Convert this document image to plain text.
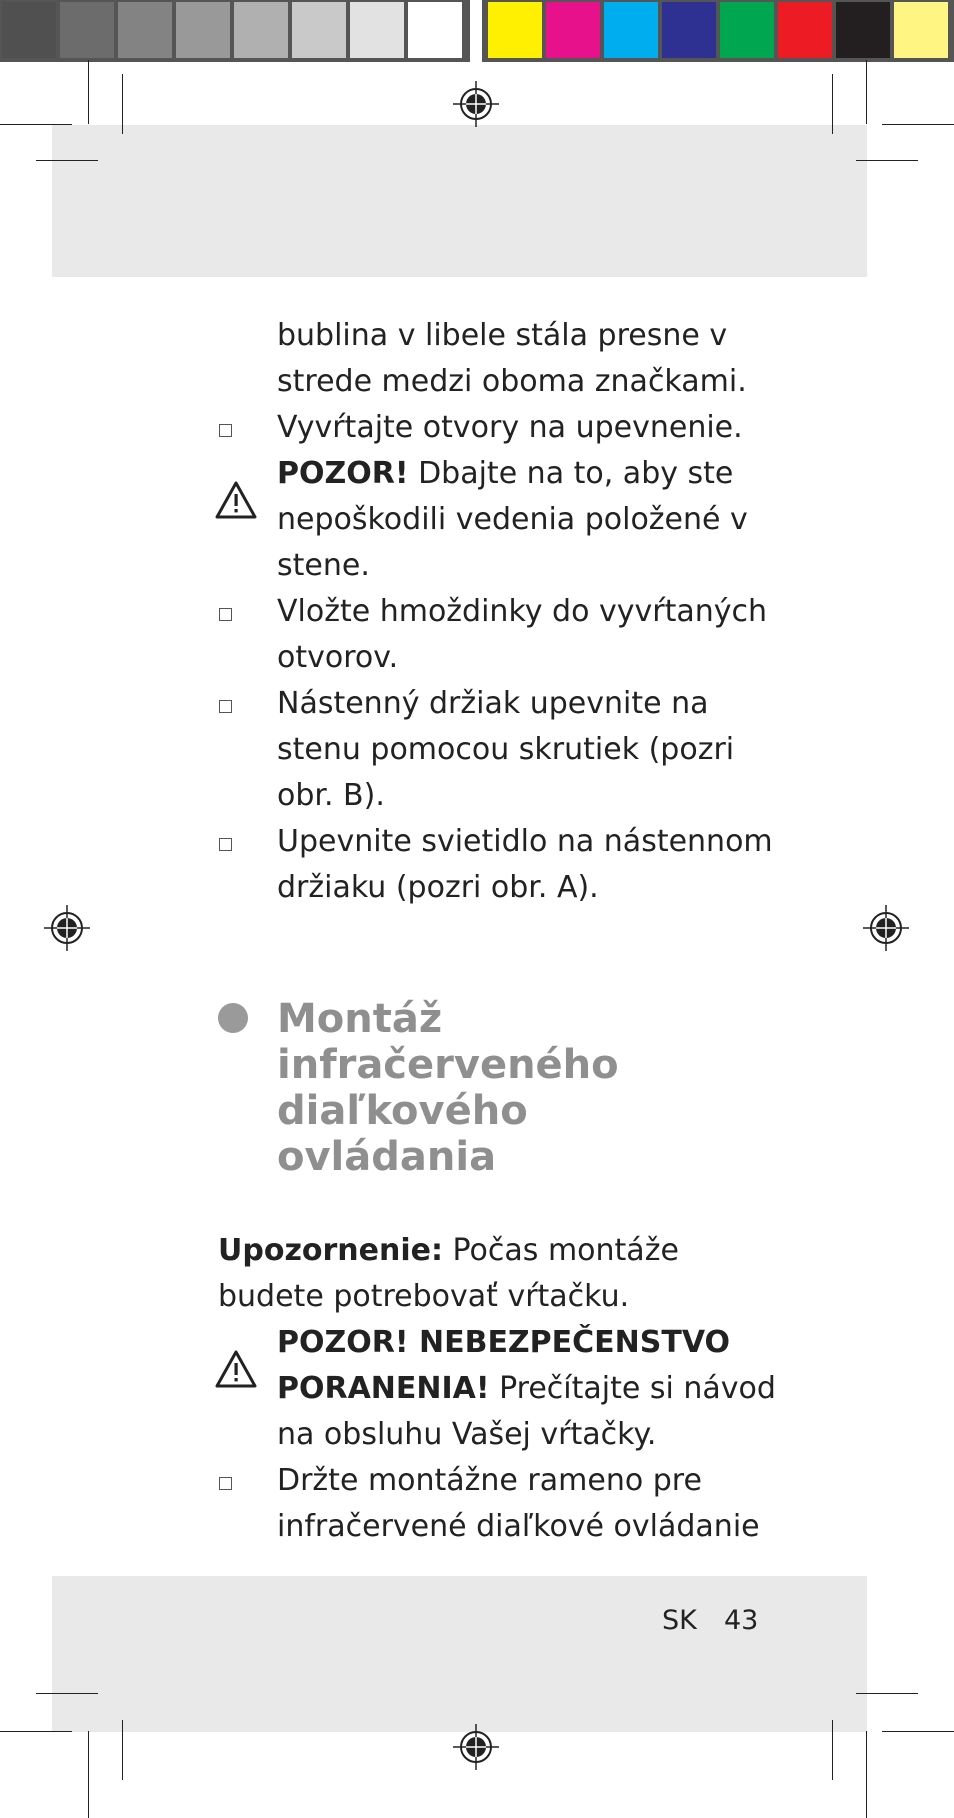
bublina v libele stála presne v
strede medzi oboma značkami.
Vyvŕtajte otvory na upevnenie.
POZOR! Dbajte na to, aby ste
nepoškodili vedenia položené v
stene.
Vložte hmoždinky do vyvŕtaných
otvorov.
Nástenný držiak upevnite na
stenu pomocou skrutiek (pozri
obr. B).
Upevnite svietidlo na nástennom
držiaku (pozri obr. A).
Montáž
infračerveného
diaľkového
ovládania
Upozornenie: Počas montáže
budete potrebovať vŕtačku.
POZOR! NEBEZPEČENSTVO
PORANENIA! Prečítajte si návod
na obsluhu Vašej vŕtačky.
Držte montážne rameno pre
infračervené diaľkové ovládanie
SK 43
